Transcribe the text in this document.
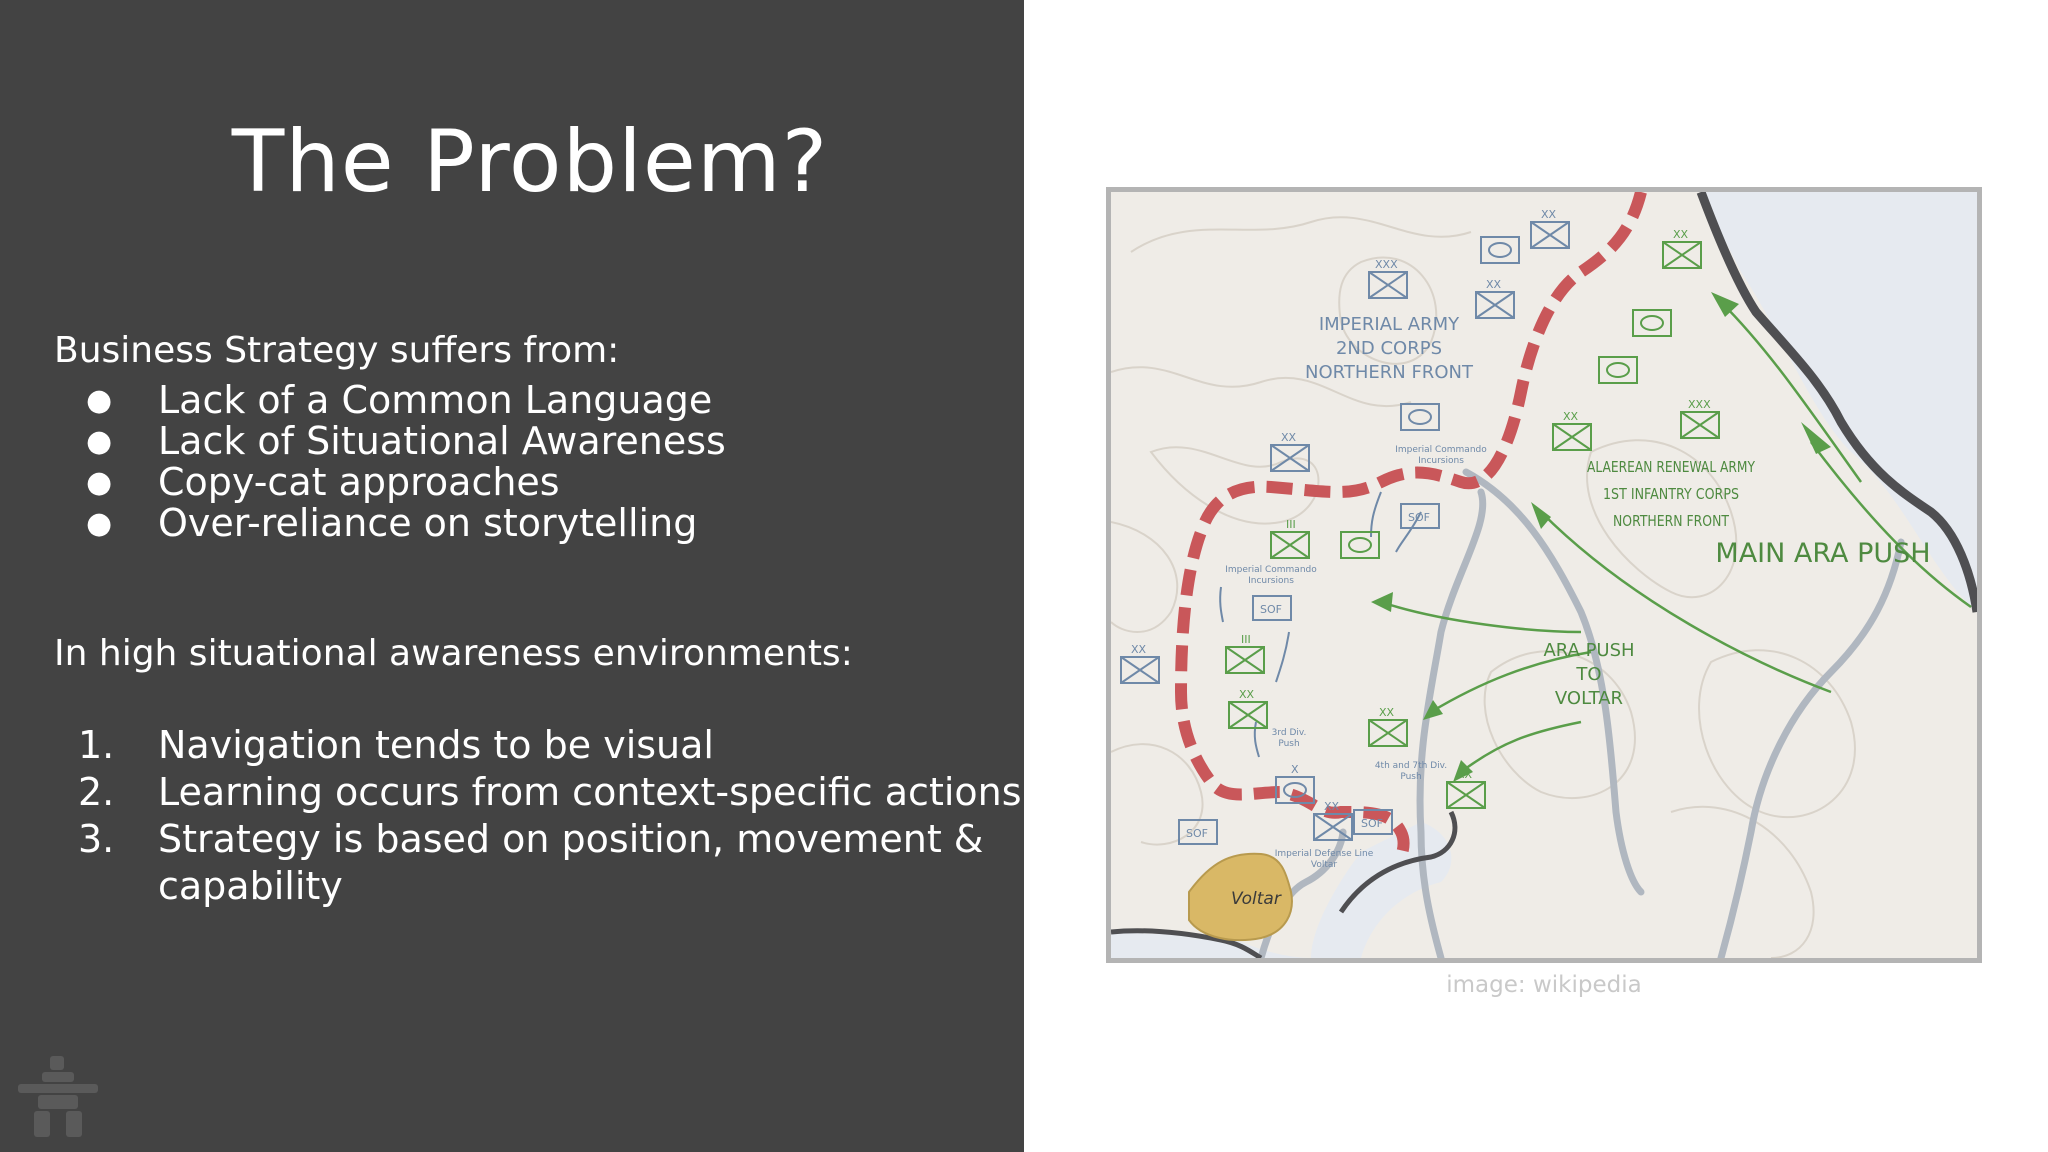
The Problem?
Business Strategy suffers from:
● Lack of a Common Language
● Lack of Situational Awareness
● Copy-cat approaches
● Over-reliance on storytelling
In high situational awareness environments:
1. Navigation tends to be visual
2. Learning occurs from context-specific actions
3. Strategy is based on position, movement & capability	Voltar
SOF
SOF
SOF
SOF
XXX
XX
XX
XX
XX
X
XX
XX
XXX
XX
III
III
XX
XX
XX
IMPERIAL ARMY
2ND CORPS
NORTHERN FRONT
ALAEREAN RENEWAL ARMY
1ST INFANTRY CORPS
NORTHERN FRONT
MAIN ARA PUSH
ARA PUSH
TO
VOLTAR
Imperial Commando
Incursions
Imperial Commando
Incursions
3rd Div.
Push
4th and 7th Div.
Push
Imperial Defense Line
Voltar
image: wikipedia
